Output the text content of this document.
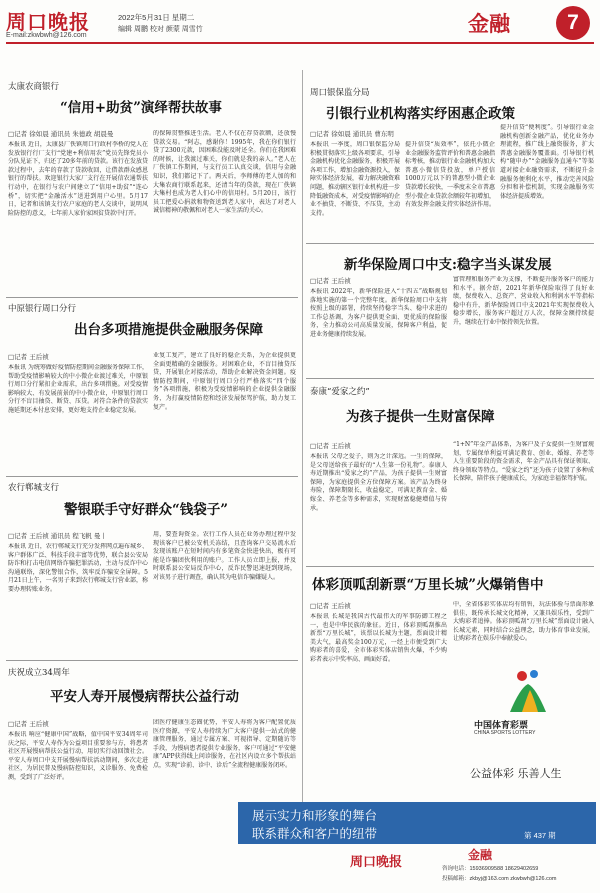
周口晚报
E-mail:zkwbwh@126.com
2022年5月31日 星期二
编辑 周鹏 校对 颜蒙 周雪竹	金融	7
太康农商银行
“信用+助贫”演绎帮扶故事
□记者 徐如晨 通讯员 朱德政 胡晨曼
本报讯 近日，太康县厂佚镇周口行政村李桥的党人在发放银行行厂支行“党建+利信用农”党员先锋党员小分队见证下，归还了20多年前的贷款。该行在发放贷款过程中，去年的存款了贷款收回，让借款群众感恩银行的帮扶。欢迎银行大家厂支行在开展信农通帮扶行动中，在银行与农户间建立了“信用+助贫”“连心桥”，切实把“金融活水”送进到用户心里。5月17日，记者和该镇支行农户家庭的老人交谈中，说明风险防控的意义，七年前人家价家困贫贷款中打开。
的保障贯整推进生活。老人不仅在存贷款额，还放慢贷款交易。“阿志，感谢你！1995年，我在你们银行贷了2300元款，因困难没能及时还全。你们在我困难的时候，让我渡过难关，你们就是我的亲人。”老人在厂佚镇工作期间，与支行员工认真交谈，信用与金融知识，我们都记下了。两天后，李师傅的老人加的和大集农商行联系起来，还清当年的贷款，现在厂佚镇大集村也成为老人们心中的信用村。5月20日，该行员工把爱心捐款和物资送到老人家中，表达了对老人诚信精神的敬佩和对老人一家生活的关心。
中原银行周口分行
出台多项措施提供金融服务保障
□记者 王后祯
本报讯 为统筹做好疫情防控期间金融服务保障工作，帮助受疫情影响较大的中小微企业渡过难关，中原银行周口分行紧扣企业需求，出台多项措施。对受疫情影响较大、有发展前景的中小微企业，中原银行周口分行不盲目抽贷、断贷、压贷。对符合条件的贷款实施延期还本付息安排，更好地支持企业稳定发展。
业复工复产，建立了良好的稳企关系，为企业提供更全面更精确的金融服务。对困难企业，不盲目抽贷压贷，开展银企对接活动，帮助企业解决资金问题。疫情防控期间，中原银行周口分行严格落实“四个服务”各项措施，积极为受疫情影响的企业提供金融服务，为打赢疫情防控和经济发展保驾护航，助力复工复产。
农行郸城支行
警银联手守好群众“钱袋子”
□记者 王后祯 通讯员 程飞帆 曼丨
本报讯 近日，农行郸城支行充分发挥网点遍布城乡、客户群体广泛、科技手段丰富等优势，联合县公安局防诈和打击电信网络诈骗犯罪活动，主动与反诈中心沟通联络，深化警银合作，筑牢反诈骗安全屏障。5月21日上午，一名男子来到农行郸城支行营业部，称要办理转账业务。
用，要查询资金。农行工作人员在业务办理过程中发现该客户已被公安机关冻结，且查询客户交易流水后发现该账户在短时间内有多笔资金快进快出，极有可能是诈骗团伙利用的账户。工作人员立即上报，并及时联系县公安局反诈中心，反诈民警迅速赶到现场，对该男子进行调查，确认其为电信诈骗嫌疑人。
庆祝成立34周年
平安人寿开展慢病帮扶公益行动
□记者 王后祯
本报讯 响应“健康中国”战略，值中国平安34周年司庆之际，平安人寿作为公益项目重要参与方，将患者社区开展慢病帮扶公益行动，用切实行动回馈社会。平安人寿周口中支开展慢病帮扶活动期间，多次走进社区，为居民普及慢病防控知识，义诊服务、免费检测，受到了广泛好评。
团医疗健康生态圈优势，平安人寿将为客户配置优质医疗资源，平安人寿持续为广大客户提供一站式的健康管理服务，通过专属方案、可视指导、定期随访等手段，为慢病患者提供专业服务，客户可通过“平安健康”APP获得线上问诊服务，在社区内设立多个帮扶站点，实现“诊前、诊中、诊后”全流程健康服务闭环。
周口银保监分局
引银行业机构落实纾困惠企政策
□记者 徐如晨 通讯员 曹东明
本报讯 一季度，周口银保监分局积极贯彻落实上级各项要求，引导金融机构优化金融服务，积极开展各项工作，增加金融资源投入，保障实体经济发展，着力解决融资难问题，推动辖区银行业机构进一步降低融资成本，对受疫情影响的企业不抽贷、不断贷、不压贷，主动支持。
提升信贷“质效率”，依托小微企业金融服务监管评价和普惠金融指标考核，推动银行业金融机构加大普惠小微信贷投放，单户授信1000万元以下的普惠型小微企业贷款增长较快，一季度末全市普惠型小微企业贷款余额较年初增加，有效发挥金融支持实体经济作用。
提升信贷“便利度”。引导银行业金融机构创新金融产品，优化业务办理流程，推广线上融资服务，扩大普惠金融服务覆盖面。引导银行机构“随申办”“金融服务直通车”等渠道对接企业融资需求，不断提升金融服务便利化水平，推动完善风险分担和补偿机制，实现金融服务实体经济提质增效。
新华保险周口中支:稳字当头谋发展
□记者 王后祯
本报讯 2022年，新华保险进入“十四五”战略规划落地实施的第一个完整年度。新华保险周口中支将按照上级的部署，持续坚持稳字当头、稳中求进的工作总基调，为客户提供更全面、更优质的保险服务，全力推动公司高质量发展，保障客户利益，促进业务健康持续发展。
富管理和服务产业为支撑，不断提升服务客户的能力和水平。据介绍，2021年新华保险取得了良好业绩，保费收入、总资产、营业收入和利润水平等指标稳中有升，新华保险周口中支2021年实现保费收入稳步增长，服务客户超过万人次，保障金额持续提升，继续在行业中保持领先位置。
泰康“爱家之约”
为孩子提供一生财富保障
□记者 王后祯
本报讯 父母之爱子，则为之计深远。一生的保障，是父母送给孩子最好的“人生第一份礼物”。泰康人寿近期推出“爱家之约”产品，为孩子提供一生财富保障，为家庭提供全方位保障方案。该产品为终身寿险，保障期限长，收益稳定，可满足教育金、婚嫁金、养老金等多种需求，实现财富稳健增值与传承。
“1+N”年金产品体系，为客户及子女提供一生财富规划，专属保单利益可满足教育、创业、婚嫁、养老等人生重要阶段的资金需求，年金产品具有保证领取、终身领取等特点。“爱家之约”还为孩子设置了多种成长保障，陪伴孩子健康成长，为家庭幸福保驾护航。
体彩顶呱刮新票“万里长城”火爆销售中
□记者 王后祯
本报讯 长城是我国古代最伟大的军事防御工程之一，也是中华民族的象征。近日，体彩顶呱刮推出新票“万里长城”，该票以长城为主题，票面设计精美大气，最高奖金100万元，一经上市便受到广大购彩者的喜爱，全市体彩实体店销售火爆，不少购彩者表示中奖率高、画面好看。
中，全省体彩实体店均有销售，玩法体验与票面形象俱佳，既传承长城文化精神，又兼具娱乐性，受到广大购彩者追捧。体彩顶呱刮“万里长城”票面设计融入长城元素，同时结合公益理念，助力体育事业发展，让购彩者在娱乐中奉献爱心。
中国体育彩票
CHINA SPORTS LOTTERY
公益体彩 乐善人生
展示实力和形象的舞台
联系群众和客户的纽带	第 437 期
周口晚报	金融
咨询电话：15936909588 18629402659
投稿邮箱：zkbyj@163.com zkwbwh@126.com
